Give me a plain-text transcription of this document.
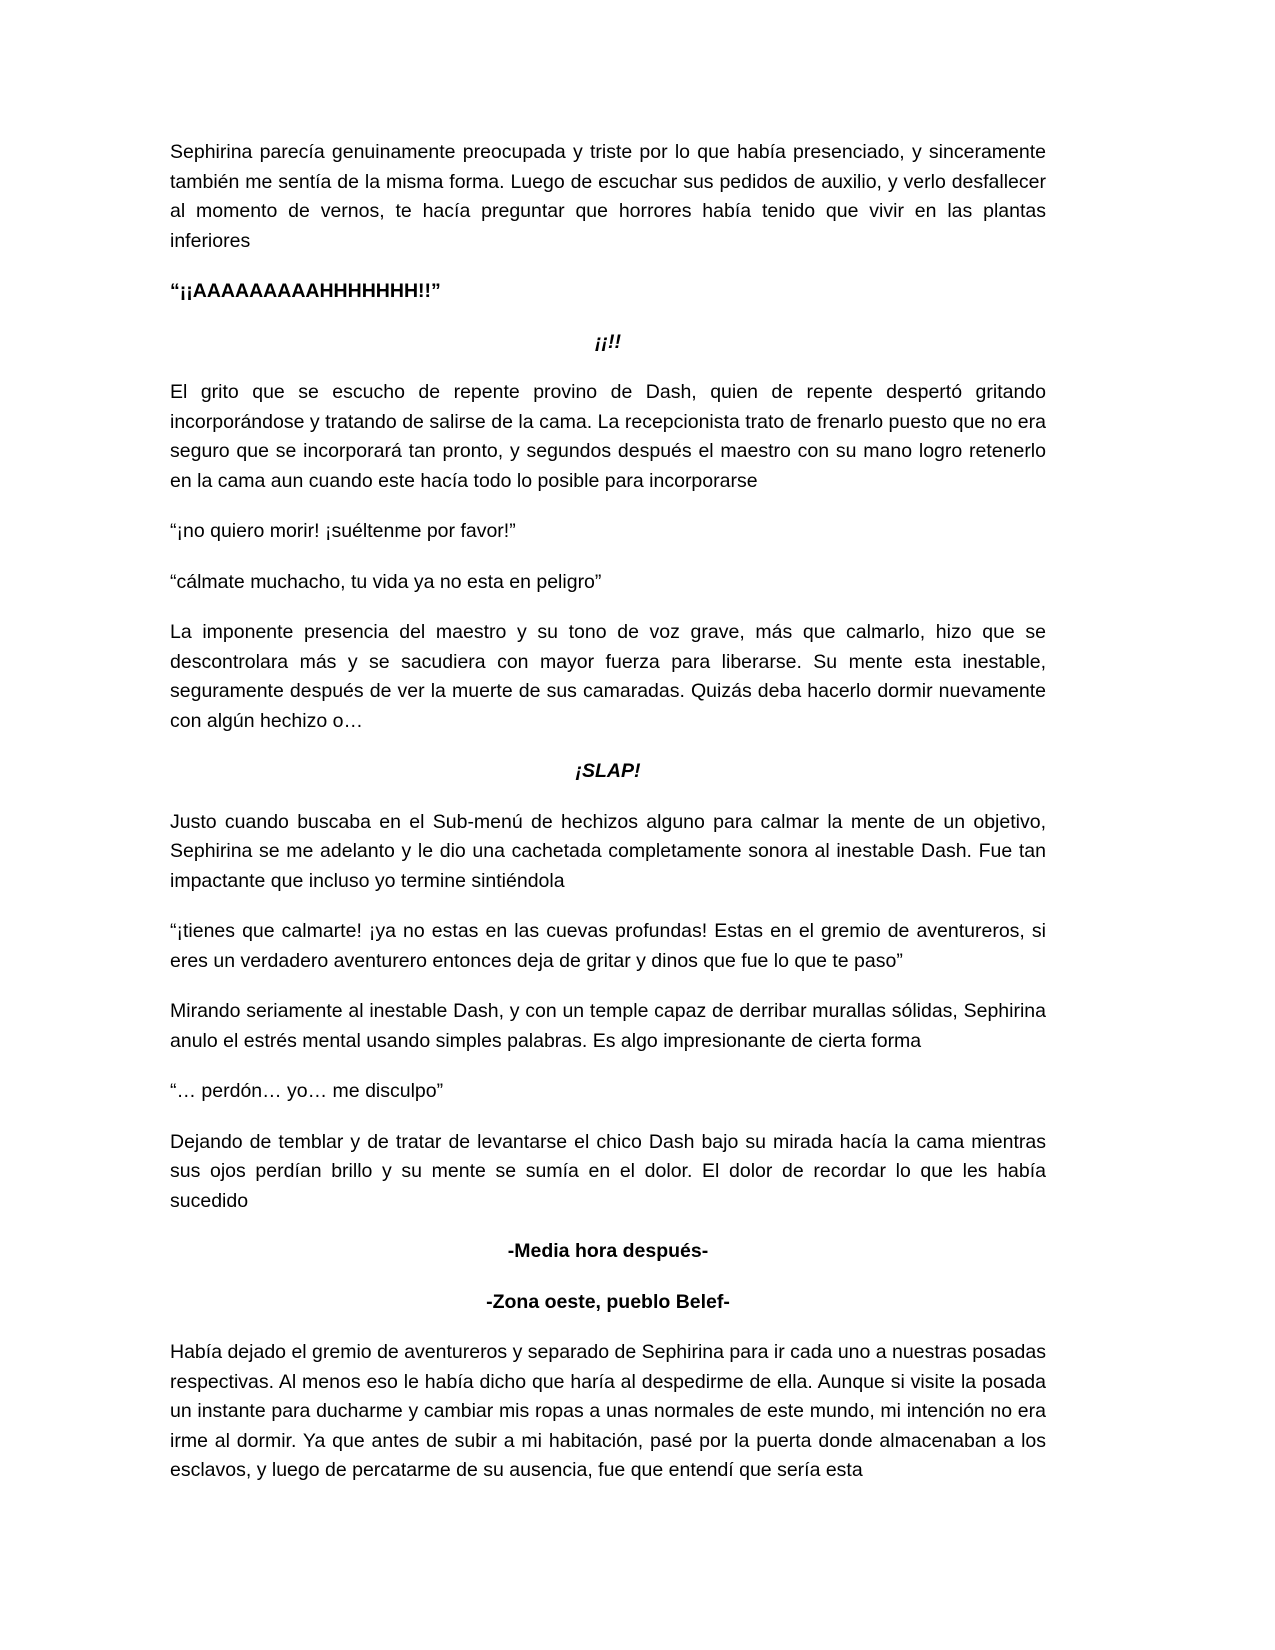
Sephirina parecía genuinamente preocupada y triste por lo que había presenciado, y sinceramente también me sentía de la misma forma. Luego de escuchar sus pedidos de auxilio, y verlo desfallecer al momento de vernos, te hacía preguntar que horrores había tenido que vivir en las plantas inferiores

“¡¡AAAAAAAAAHHHHHHH!!”

¡¡!!

El grito que se escucho de repente provino de Dash, quien de repente despertó gritando incorporándose y tratando de salirse de la cama. La recepcionista trato de frenarlo puesto que no era seguro que se incorporará tan pronto, y segundos después el maestro con su mano logro retenerlo en la cama aun cuando este hacía todo lo posible para incorporarse

“¡no quiero morir! ¡suéltenme por favor!”

“cálmate muchacho, tu vida ya no esta en peligro”

La imponente presencia del maestro y su tono de voz grave, más que calmarlo, hizo que se descontrolara más y se sacudiera con mayor fuerza para liberarse. Su mente esta inestable, seguramente después de ver la muerte de sus camaradas. Quizás deba hacerlo dormir nuevamente con algún hechizo o…

¡SLAP!

Justo cuando buscaba en el Sub-menú de hechizos alguno para calmar la mente de un objetivo, Sephirina se me adelanto y le dio una cachetada completamente sonora al inestable Dash. Fue tan impactante que incluso yo termine sintiéndola

“¡tienes que calmarte! ¡ya no estas en las cuevas profundas! Estas en el gremio de aventureros, si eres un verdadero aventurero entonces deja de gritar y dinos que fue lo que te paso”

Mirando seriamente al inestable Dash, y con un temple capaz de derribar murallas sólidas, Sephirina anulo el estrés mental usando simples palabras. Es algo impresionante de cierta forma

“… perdón… yo… me disculpo”

Dejando de temblar y de tratar de levantarse el chico Dash bajo su mirada hacía la cama mientras sus ojos perdían brillo y su mente se sumía en el dolor. El dolor de recordar lo que les había sucedido

-Media hora después-

-Zona oeste, pueblo Belef-

Había dejado el gremio de aventureros y separado de Sephirina para ir cada uno a nuestras posadas respectivas. Al menos eso le había dicho que haría al despedirme de ella. Aunque si visite la posada un instante para ducharme y cambiar mis ropas a unas normales de este mundo, mi intención no era irme al dormir. Ya que antes de subir a mi habitación, pasé por la puerta donde almacenaban a los esclavos, y luego de percatarme de su ausencia, fue que entendí que sería esta
